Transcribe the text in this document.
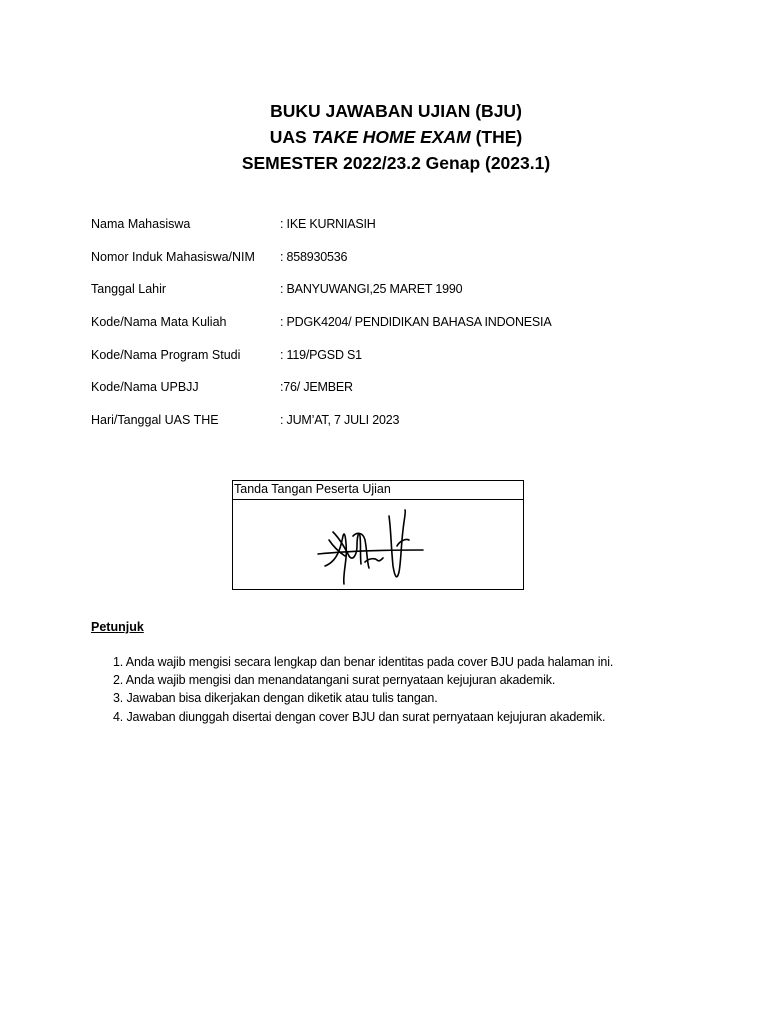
BUKU JAWABAN UJIAN (BJU)
UAS TAKE HOME EXAM (THE)
SEMESTER 2022/23.2 Genap (2023.1)
Nama Mahasiswa	: IKE KURNIASIH
Nomor Induk Mahasiswa/NIM : 858930536
Tanggal Lahir	: BANYUWANGI,25 MARET 1990
Kode/Nama Mata Kuliah	: PDGK4204/ PENDIDIKAN BAHASA INDONESIA
Kode/Nama Program Studi	: 119/PGSD S1
Kode/Nama UPBJJ	:76/ JEMBER
Hari/Tanggal UAS THE	: JUM’AT, 7 JULI 2023
Tanda Tangan Peserta Ujian
Petunjuk
1. Anda wajib mengisi secara lengkap dan benar identitas pada cover BJU pada halaman ini.
2. Anda wajib mengisi dan menandatangani surat pernyataan kejujuran akademik.
3. Jawaban bisa dikerjakan dengan diketik atau tulis tangan.
4. Jawaban diunggah disertai dengan cover BJU dan surat pernyataan kejujuran akademik.
